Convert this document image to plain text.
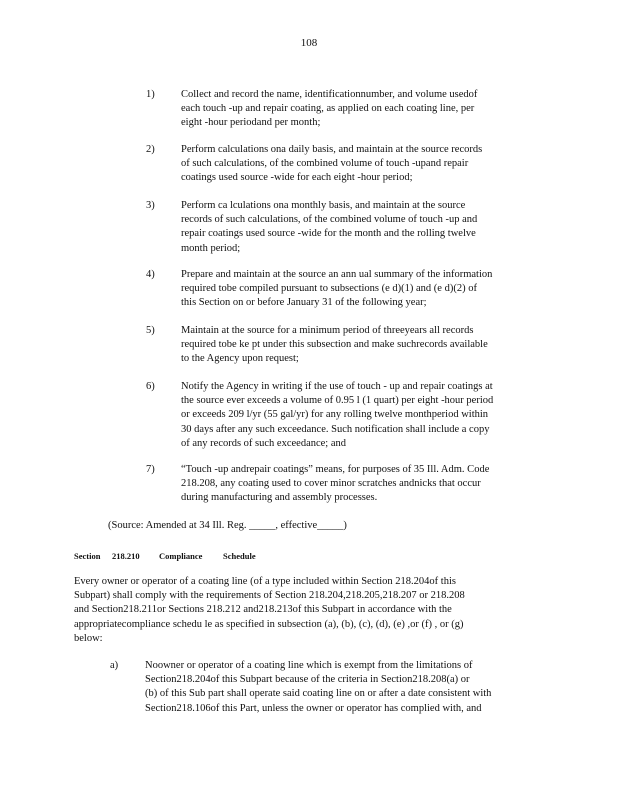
108
1)	Collect and record the name, identificationnumber, and volume usedof
each touch -up and repair coating, as applied on each coating line, per
eight -hour periodand per month;
2)	Perform calculations ona daily basis, and maintain at the source records
of such calculations, of the combined volume of touch -upand repair
coatings used source -wide for each eight -hour period;
3)	Perform ca lculations ona monthly basis, and maintain at the source
records of such calculations, of the combined volume of touch -up and
repair coatings used source -wide for the month and the rolling twelve
month period;
4)	Prepare and maintain at the source an ann ual summary of the information
required tobe compiled pursuant to subsections (e d)(1) and (e d)(2) of
this Section on or before January 31 of the following year;
5)	Maintain at the source for a minimum period of threeyears all records
required tobe ke pt under this subsection and make suchrecords available
to the Agency upon request;
6)	Notify the Agency in writing if the use of touch - up and repair coatings at
the source ever exceeds a volume of 0.95 l (1 quart) per eight -hour period
or exceeds 209 l/yr (55 gal/yr) for any rolling twelve monthperiod within
30 days after any such exceedance. Such notification shall include a copy
of any records of such exceedance; and
7)	“Touch -up andrepair coatings” means, for purposes of 35 Ill. Adm. Code
218.208, any coating used to cover minor scratches andnicks that occur
during manufacturing and assembly processes.
(Source: Amended at 34 Ill. Reg. _____, effective_____)
Section 218.210 Compliance Schedule
Every owner or operator of a coating line (of a type included within Section 218.204of this
Subpart) shall comply with the requirements of Section 218.204,218.205,218.207 or 218.208
and Section218.211or Sections 218.212 and218.213of this Subpart in accordance with the
appropriatecompliance schedu le as specified in subsection (a), (b), (c), (d), (e) ,or (f) , or (g)
below:
a)	Noowner or operator of a coating line which is exempt from the limitations of
Section218.204of this Subpart because of the criteria in Section218.208(a) or
(b) of this Sub part shall operate said coating line on or after a date consistent with
Section218.106of this Part, unless the owner or operator has complied with, and
